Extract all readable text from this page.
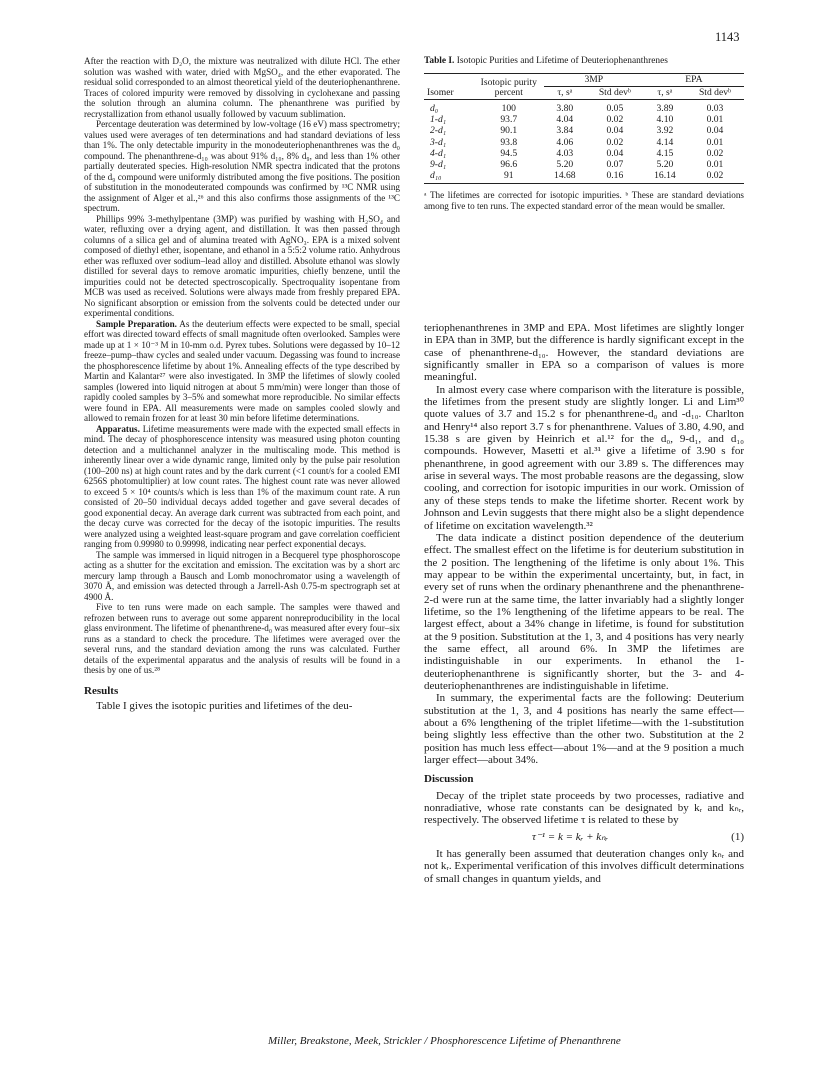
1143

After the reaction with D₂O, the mixture was neutralized with dilute HCl. The ether solution was washed with water, dried with MgSO₄, and the ether evaporated. The residual solid corresponded to an almost theoretical yield of the deuteriophenanthrene. Traces of colored impurity were removed by dissolving in cyclohexane and passing the solution through an alumina column. The phenanthrene was purified by recrystallization from ethanol usually followed by vacuum sublimation.

Percentage deuteration was determined by low-voltage (16 eV) mass spectrometry; values used were averages of ten determinations and had standard deviations of less than 1%. The only detectable impurity in the monodeuteriophenanthrenes was the d₀ compound. The phenanthrene-d₁₀ was about 91% d₁₀, 8% d₉, and less than 1% other partially deuterated species. High-resolution NMR spectra indicated that the protons of the d₉ compound were uniformly distributed among the five positions. The position of substitution in the monodeuterated compounds was confirmed by ¹³C NMR using the assignment of Alger et al.,²⁶ and this also confirms those assignments of the ¹³C spectrum.

Phillips 99% 3-methylpentane (3MP) was purified by washing with H₂SO₄ and water, refluxing over a drying agent, and distillation. It was then passed through columns of a silica gel and of alumina treated with AgNO₃. EPA is a mixed solvent composed of diethyl ether, isopentane, and ethanol in a 5:5:2 volume ratio. Anhydrous ether was refluxed over sodium–lead alloy and distilled. Absolute ethanol was slowly distilled for several days to remove aromatic impurities, chiefly benzene, until the impurities could not be detected spectroscopically. Spectroquality isopentane from MCB was used as received. Solutions were always made from freshly prepared EPA. No significant absorption or emission from the solvents could be detected under our experimental conditions.

Sample Preparation. As the deuterium effects were expected to be small, special effort was directed toward effects of small magnitude often overlooked. Samples were made up at 1 × 10⁻³ M in 10-mm o.d. Pyrex tubes. Solutions were degassed by 10–12 freeze–pump–thaw cycles and sealed under vacuum. Degassing was found to increase the phosphorescence lifetime by about 1%. Annealing effects of the type described by Martin and Kalantar²⁷ were also investigated. In 3MP the lifetimes of slowly cooled samples (lowered into liquid nitrogen at about 5 mm/min) were longer than those of rapidly cooled samples by 3–5% and somewhat more reproducible. No similar effects were found in EPA. All measurements were made on samples cooled slowly and allowed to remain frozen for at least 30 min before lifetime determinations.

Apparatus. Lifetime measurements were made with the expected small effects in mind. The decay of phosphorescence intensity was measured using photon counting detection and a multichannel analyzer in the multiscaling mode. This method is inherently linear over a wide dynamic range, limited only by the pulse pair resolution (100–200 ns) at high count rates and by the dark current (<1 count/s for a cooled EMI 6256S photomultiplier) at low count rates. The highest count rate was never allowed to exceed 5 × 10⁴ counts/s which is less than 1% of the maximum count rate. A run consisted of 20–50 individual decays added together and gave several decades of good exponential decay. An average dark current was subtracted from each point, and the decay curve was corrected for the decay of the isotopic impurities. The results were analyzed using a weighted least-square program and gave correlation coefficient ranging from 0.99980 to 0.99998, indicating near perfect exponential decays.

The sample was immersed in liquid nitrogen in a Becquerel type phosphoroscope acting as a shutter for the excitation and emission. The excitation was by a short arc mercury lamp through a Bausch and Lomb monochromator using a wavelength of 3070 Å, and emission was detected through a Jarrell-Ash 0.75-m spectrograph set at 4900 Å.

Five to ten runs were made on each sample. The samples were thawed and refrozen between runs to average out some apparent nonreproducibility in the local glass environment. The lifetime of phenanthrene-d₀ was measured after every four–six runs as a standard to check the procedure. The lifetimes were averaged over the several runs, and the standard deviation among the runs was calculated. Further details of the experimental apparatus and the analysis of results will be found in a thesis by one of us.²⁸

Results

Table I gives the isotopic purities and lifetimes of the deu-

Table I. Isotopic Purities and Lifetime of Deuteriophenanthrenes
Isomer	Isotopic purity percent	3MP		EPA	
		τ, sᵃ	Std devᵇ	τ, sᵃ	Std devᵇ
d₀	100	3.80	0.05	3.89	0.03
1-d₁	93.7	4.04	0.02	4.10	0.01
2-d₁	90.1	3.84	0.04	3.92	0.04
3-d₁	93.8	4.06	0.02	4.14	0.01
4-d₁	94.5	4.03	0.04	4.15	0.02
9-d₁	96.6	5.20	0.07	5.20	0.01
d₁₀	91	14.68	0.16	16.14	0.02
ᵃ The lifetimes are corrected for isotopic impurities. ᵇ These are standard deviations among five to ten runs. The expected standard error of the mean would be smaller.

teriophenanthrenes in 3MP and EPA. Most lifetimes are slightly longer in EPA than in 3MP, but the difference is hardly significant except in the case of phenanthrene-d₁₀. However, the standard deviations are significantly smaller in EPA so a comparison of values is more meaningful.

In almost every case where comparison with the literature is possible, the lifetimes from the present study are slightly longer. Li and Lim³⁰ quote values of 3.7 and 15.2 s for phenanthrene-d₀ and -d₁₀. Charlton and Henry¹⁴ also report 3.7 s for phenanthrene. Values of 3.80, 4.90, and 15.38 s are given by Heinrich et al.¹² for the d₀, 9-d₁, and d₁₀ compounds. However, Masetti et al.³¹ give a lifetime of 3.90 s for phenanthrene, in good agreement with our 3.89 s. The differences may arise in several ways. The most probable reasons are the degassing, slow cooling, and correction for isotopic impurities in our work. Omission of any of these steps tends to make the lifetime shorter. Recent work by Johnson and Levin suggests that there might also be a slight dependence of lifetime on excitation wavelength.³²

The data indicate a distinct position dependence of the deuterium effect. The smallest effect on the lifetime is for deuterium substitution in the 2 position. The lengthening of the lifetime is only about 1%. This may appear to be within the experimental uncertainty, but, in fact, in every set of runs when the ordinary phenanthrene and the phenanthrene-2-d were run at the same time, the latter invariably had a slightly longer lifetime, so the 1% lengthening of the lifetime appears to be real. The largest effect, about a 34% change in lifetime, is found for substitution at the 9 position. Substitution at the 1, 3, and 4 positions has very nearly the same effect, all around 6%. In 3MP the lifetimes are indistinguishable in our experiments. In ethanol the 1-deuteriophenanthrene is significantly shorter, but the 3- and 4-deuteriophenanthrenes are indistinguishable in lifetime.

In summary, the experimental facts are the following: Deuterium substitution at the 1, 3, and 4 positions has nearly the same effect—about a 6% lengthening of the triplet lifetime—with the 1-substitution being slightly less effective than the other two. Substitution at the 2 position has much less effect—about 1%—and at the 9 position a much larger effect—about 34%.

Discussion

Decay of the triplet state proceeds by two processes, radiative and nonradiative, whose rate constants can be designated by kᵣ and kₙᵣ, respectively. The observed lifetime τ is related to these by

τ⁻¹ = k = kᵣ + kₙᵣ	(1)

It has generally been assumed that deuteration changes only kₙᵣ and not kᵣ. Experimental verification of this involves difficult determinations of small changes in quantum yields, and

Miller, Breakstone, Meek, Strickler / Phosphorescence Lifetime of Phenanthrene
